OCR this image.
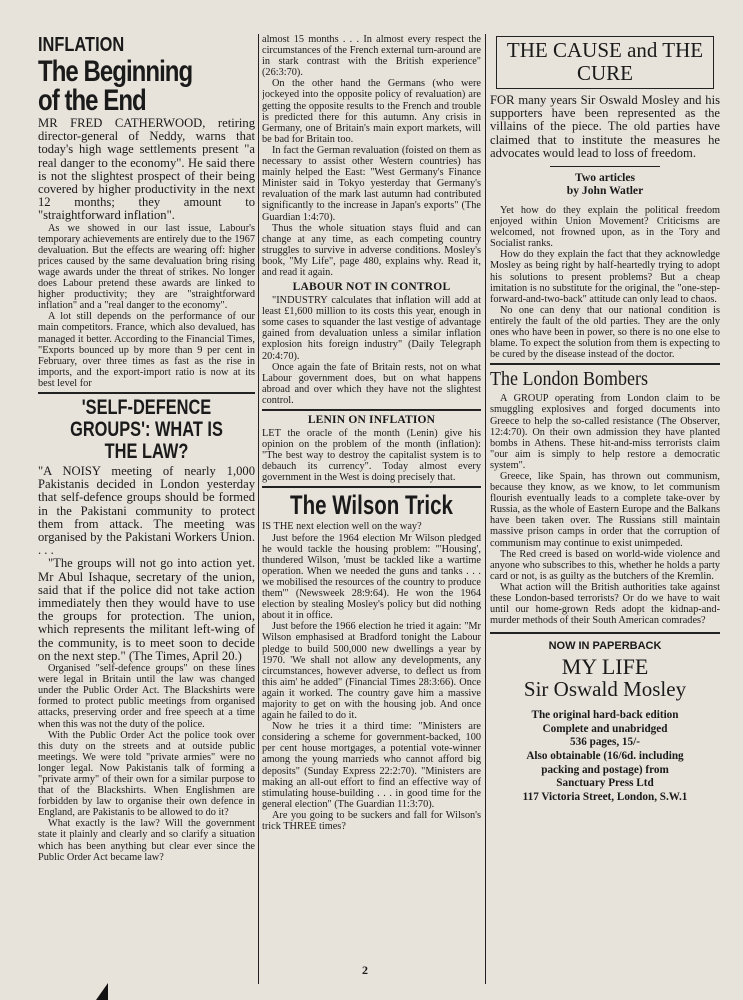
INFLATION
The Beginning of the End

MR FRED CATHERWOOD, retiring director-general of Neddy, warns that today's high wage settlements present "a real danger to the economy". He said there is not the slightest prospect of their being covered by higher productivity in the next 12 months; they amount to "straightforward inflation".

As we showed in our last issue, Labour's temporary achievements are entirely due to the 1967 devaluation. But the effects are wearing off: higher prices caused by the same devaluation bring rising wage awards under the threat of strikes. No longer does Labour pretend these awards are linked to higher productivity; they are "straightforward inflation" and a "real danger to the economy".

A lot still depends on the performance of our main competitors. France, which also devalued, has managed it better. According to the Financial Times, "Exports bounced up by more than 9 per cent in February, over three times as fast as the rise in imports, and the export-import ratio is now at its best level for

'SELF-DEFENCE GROUPS': WHAT IS THE LAW?

"A NOISY meeting of nearly 1,000 Pakistanis decided in London yesterday that self-defence groups should be formed in the Pakistani community to protect them from attack. The meeting was organised by the Pakistani Workers Union. . . .

"The groups will not go into action yet. Mr Abul Ishaque, secretary of the union, said that if the police did not take action immediately then they would have to use the groups for protection. The union, which represents the militant left-wing of the community, is to meet soon to decide on the next step." (The Times, April 20.)

Organised "self-defence groups" on these lines were legal in Britain until the law was changed under the Public Order Act. The Blackshirts were formed to protect public meetings from organised attacks, preserving order and free speech at a time when this was not the duty of the police.

With the Public Order Act the police took over this duty on the streets and at outside public meetings. We were told "private armies" were no longer legal. Now Pakistanis talk of forming a "private army" of their own for a similar purpose to that of the Blackshirts. When Englishmen are forbidden by law to organise their own defence in England, are Pakistanis to be allowed to do it?

What exactly is the law? Will the government state it plainly and clearly and so clarify a situation which has been anything but clear ever since the Public Order Act became law?

almost 15 months . . . In almost every respect the circumstances of the French external turn-around are in stark contrast with the British experience" (26:3:70).

On the other hand the Germans (who were jockeyed into the opposite policy of revaluation) are getting the opposite results to the French and trouble is predicted there for this autumn. Any crisis in Germany, one of Britain's main export markets, will be bad for Britain too.

In fact the German revaluation (foisted on them as necessary to assist other Western countries) has mainly helped the East: "West Germany's Finance Minister said in Tokyo yesterday that Germany's revaluation of the mark last autumn had contributed significantly to the increase in Japan's exports" (The Guardian 1:4:70).

Thus the whole situation stays fluid and can change at any time, as each competing country struggles to survive in adverse conditions. Mosley's book, "My Life", page 480, explains why. Read it, and read it again.

LABOUR NOT IN CONTROL

"INDUSTRY calculates that inflation will add at least £1,600 million to its costs this year, enough in some cases to squander the last vestige of advantage gained from devaluation unless a similar inflation explosion hits foreign industry" (Daily Telegraph 20:4:70).

Once again the fate of Britain rests, not on what Labour government does, but on what happens abroad and over which they have not the slightest control.

LENIN ON INFLATION

LET the oracle of the month (Lenin) give his opinion on the problem of the month (inflation): "The best way to destroy the capitalist system is to debauch its currency". Today almost every government in the West is doing precisely that.

The Wilson Trick

IS THE next election well on the way?

Just before the 1964 election Mr Wilson pledged he would tackle the housing problem: "'Housing', thundered Wilson, 'must be tackled like a wartime operation. When we needed the guns and tanks . . . we mobilised the resources of the country to produce them'" (Newsweek 28:9:64). He won the 1964 election by stealing Mosley's policy but did nothing about it in office.

Just before the 1966 election he tried it again: "Mr Wilson emphasised at Bradford tonight the Labour pledge to build 500,000 new dwellings a year by 1970. 'We shall not allow any developments, any circumstances, however adverse, to deflect us from this aim' he added" (Financial Times 28:3:66). Once again it worked. The country gave him a massive majority to get on with the housing job. And once again he failed to do it.

Now he tries it a third time: "Ministers are considering a scheme for government-backed, 100 per cent house mortgages, a potential vote-winner among the young marrieds who cannot afford big deposits" (Sunday Express 22:2:70). "Ministers are making an all-out effort to find an effective way of stimulating house-building . . . in good time for the general election" (The Guardian 11:3:70).

Are you going to be suckers and fall for Wilson's trick THREE times?

THE CAUSE and THE CURE

FOR many years Sir Oswald Mosley and his supporters have been represented as the villains of the piece. The old parties have claimed that to institute the measures he advocates would lead to loss of freedom.

Two articles
by John Watler

Yet how do they explain the political freedom enjoyed within Union Movement? Criticisms are welcomed, not frowned upon, as in the Tory and Socialist ranks.

How do they explain the fact that they acknowledge Mosley as being right by half-heartedly trying to adopt his solutions to present problems? But a cheap imitation is no substitute for the original, the "one-step-forward-and-two-back" attitude can only lead to chaos.

No one can deny that our national condition is entirely the fault of the old parties. They are the only ones who have been in power, so there is no one else to blame. To expect the solution from them is expecting to be cured by the disease instead of the doctor.

The London Bombers

A GROUP operating from London claim to be smuggling explosives and forged documents into Greece to help the so-called resistance (The Observer, 12:4:70). On their own admission they have planted bombs in Athens. These hit-and-miss terrorists claim "our aim is simply to help restore a democratic system".

Greece, like Spain, has thrown out communism, because they know, as we know, to let communism flourish eventually leads to a complete take-over by Russia, as the whole of Eastern Europe and the Balkans have been taken over. The Russians still maintain massive prison camps in order that the corruption of communism may continue to exist unimpeded.

The Red creed is based on world-wide violence and anyone who subscribes to this, whether he holds a party card or not, is as guilty as the butchers of the Kremlin.

What action will the British authorities take against these London-based terrorists? Or do we have to wait until our home-grown Reds adopt the kidnap-and-murder methods of their South American comrades?

NOW IN PAPERBACK
MY LIFE
Sir Oswald Mosley
The original hard-back edition
Complete and unabridged
536 pages, 15/-
Also obtainable (16/6d. including
packing and postage) from
Sanctuary Press Ltd
117 Victoria Street, London, S.W.1
2
